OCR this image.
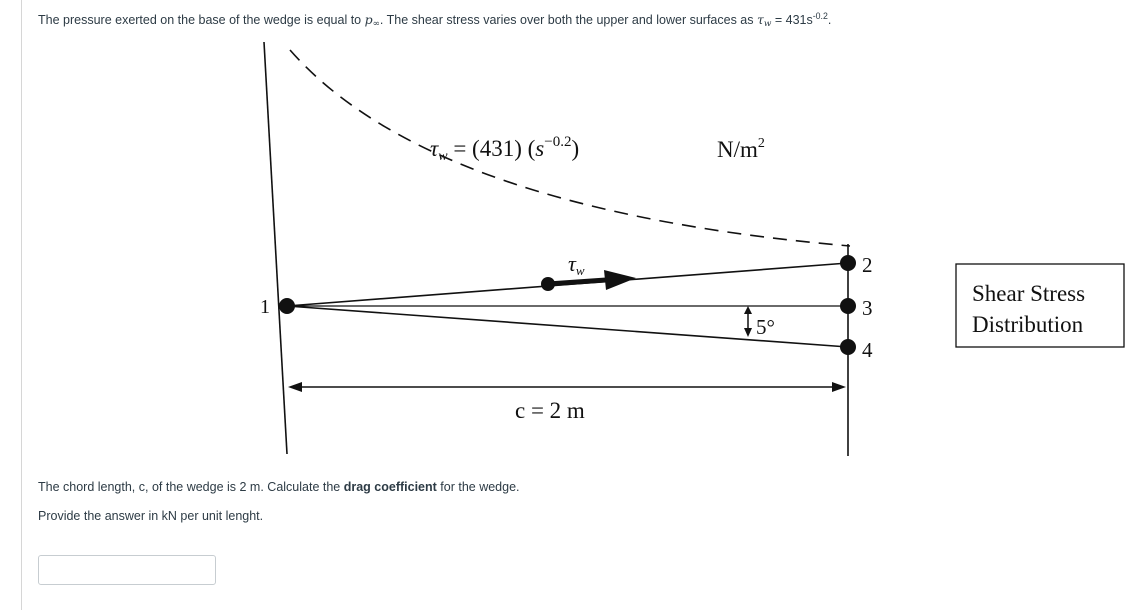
The pressure exerted on the base of the wedge is equal to $p_\infty$. The shear stress varies over both the upper and lower surfaces as $\tau_w = 431s^{-0.2}$.
τw = (431) $(s^{-0.2})$	$N/m^2$
τw
5°
c = 2 m
1
2
3
4
Shear Stress
Distribution
The chord length, c, of the wedge is 2 m. Calculate the drag coefficient for the wedge.
Provide the answer in kN per unit lenght.
